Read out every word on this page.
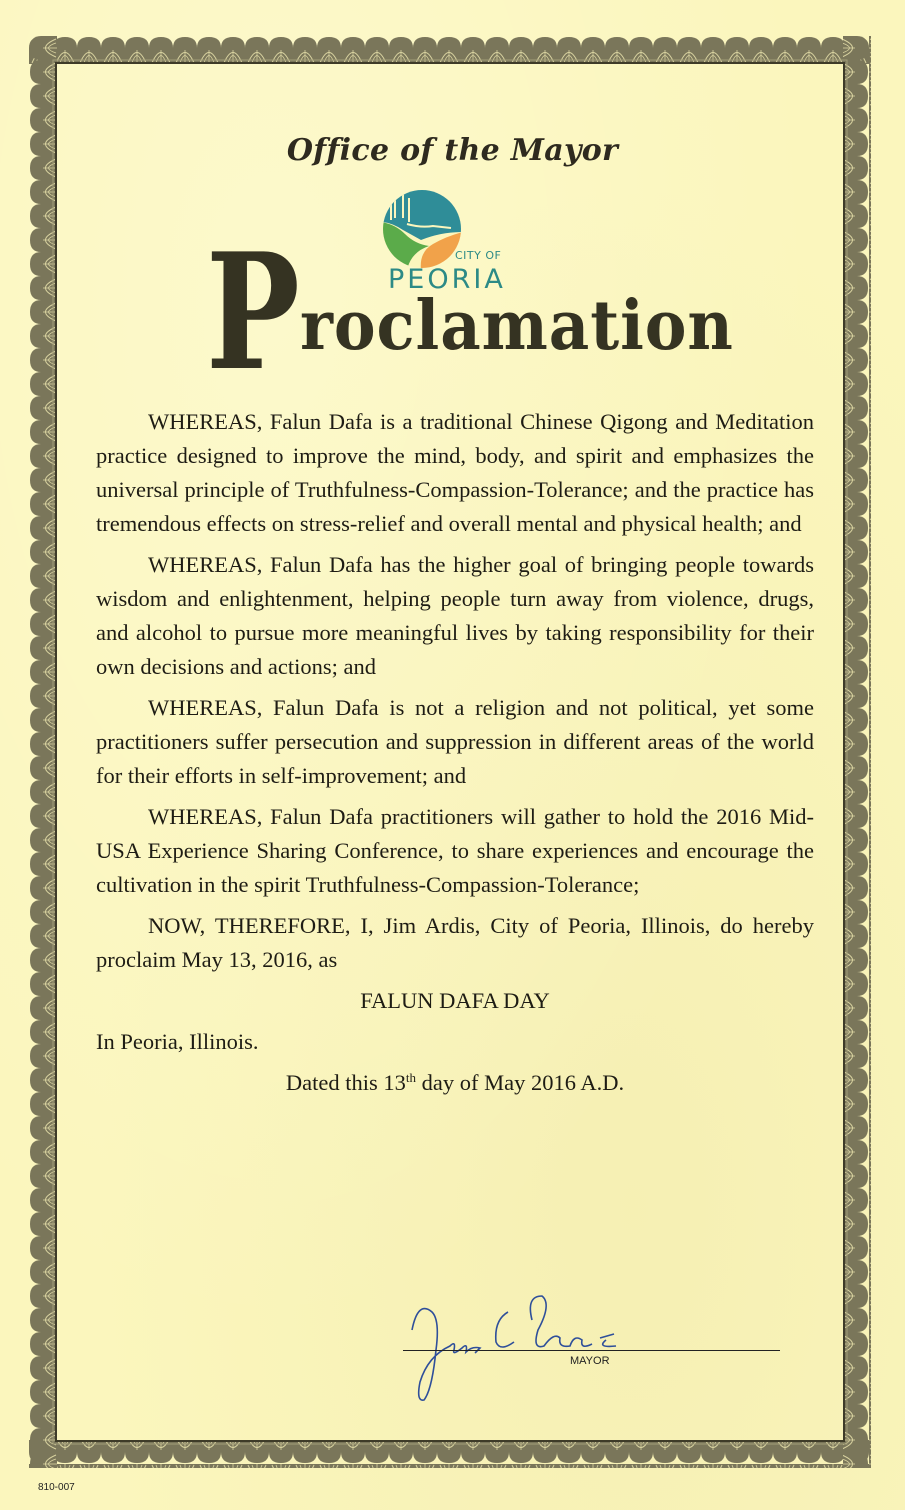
Office of the Mayor
CITY OF
PEORIA
P roclamation

WHEREAS, Falun Dafa is a traditional Chinese Qigong and Meditation practice designed to improve the mind, body, and spirit and emphasizes the universal principle of Truthfulness-Compassion-Tolerance; and the practice has tremendous effects on stress-relief and overall mental and physical health; and

WHEREAS, Falun Dafa has the higher goal of bringing people towards wisdom and enlightenment, helping people turn away from violence, drugs, and alcohol to pursue more meaningful lives by taking responsibility for their own decisions and actions; and

WHEREAS, Falun Dafa is not a religion and not political, yet some practitioners suffer persecution and suppression in different areas of the world for their efforts in self-improvement; and

WHEREAS, Falun Dafa practitioners will gather to hold the 2016 Mid-USA Experience Sharing Conference, to share experiences and encourage the cultivation in the spirit Truthfulness-Compassion-Tolerance;

NOW, THEREFORE, I, Jim Ardis, City of Peoria, Illinois, do hereby proclaim May 13, 2016, as

FALUN DAFA DAY

In Peoria, Illinois.

Dated this 13th day of May 2016 A.D.

MAYOR
810-007
